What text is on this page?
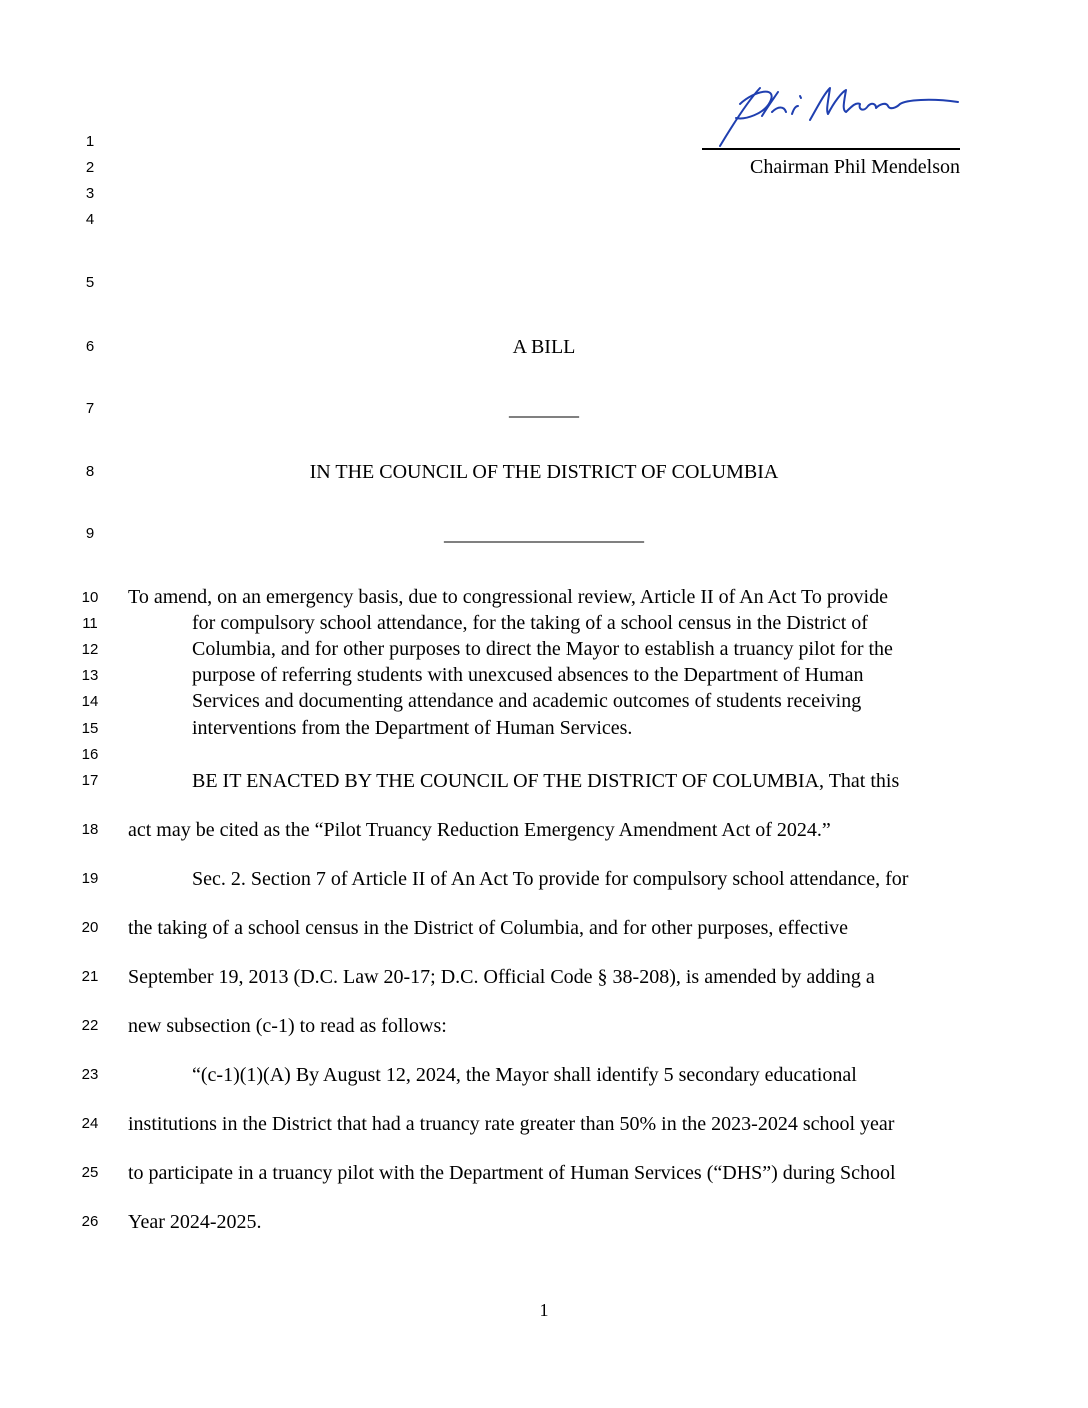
Chairman Phil Mendelson
1
2
3
4
5
6
7
8
9
10
11
12
13
14
15
16
17
18
19
20
21
22
23
24
25
26
A BILL
_______
IN THE COUNCIL OF THE DISTRICT OF COLUMBIA
____________________
To amend, on an emergency basis, due to congressional review, Article II of An Act To provide
for compulsory school attendance, for the taking of a school census in the District of
Columbia, and for other purposes to direct the Mayor to establish a truancy pilot for the
purpose of referring students with unexcused absences to the Department of Human
Services and documenting attendance and academic outcomes of students receiving
interventions from the Department of Human Services.
BE IT ENACTED BY THE COUNCIL OF THE DISTRICT OF COLUMBIA, That this
act may be cited as the “Pilot Truancy Reduction Emergency Amendment Act of 2024.”
Sec. 2. Section 7 of Article II of An Act To provide for compulsory school attendance, for
the taking of a school census in the District of Columbia, and for other purposes, effective
September 19, 2013 (D.C. Law 20-17; D.C. Official Code § 38-208), is amended by adding a
new subsection (c-1) to read as follows:
“(c-1)(1)(A) By August 12, 2024, the Mayor shall identify 5 secondary educational
institutions in the District that had a truancy rate greater than 50% in the 2023-2024 school year
to participate in a truancy pilot with the Department of Human Services (“DHS”) during School
Year 2024-2025.
1
